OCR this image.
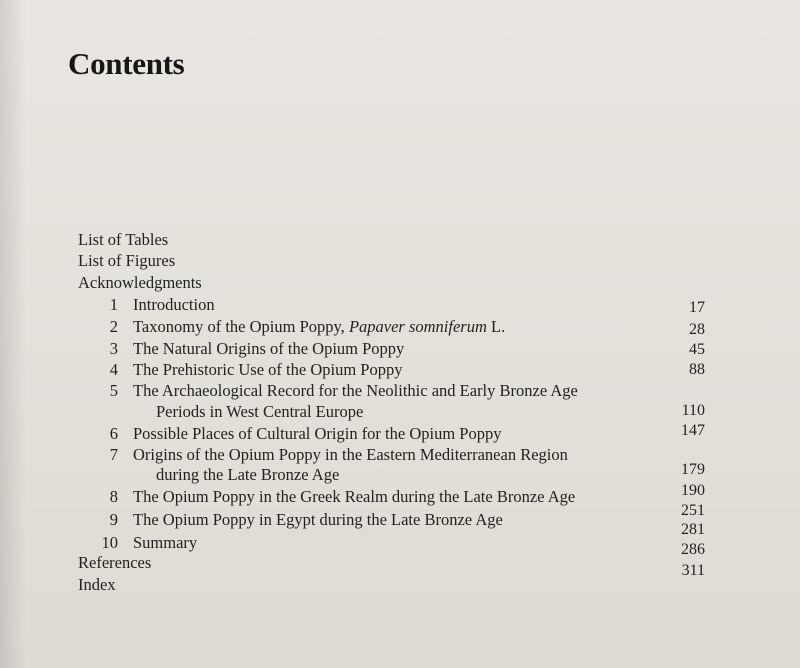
Contents
List of Tables
List of Figures
Acknowledgments
1 Introduction
2 Taxonomy of the Opium Poppy, Papaver somniferum L.
3 The Natural Origins of the Opium Poppy
4 The Prehistoric Use of the Opium Poppy
5 The Archaeological Record for the Neolithic and Early Bronze Age
Periods in West Central Europe
6 Possible Places of Cultural Origin for the Opium Poppy
7 Origins of the Opium Poppy in the Eastern Mediterranean Region
during the Late Bronze Age
8 The Opium Poppy in the Greek Realm during the Late Bronze Age
9 The Opium Poppy in Egypt during the Late Bronze Age
10 Summary
References
Index
17
28
45
88
110
147
179
190
251
281
286
311
